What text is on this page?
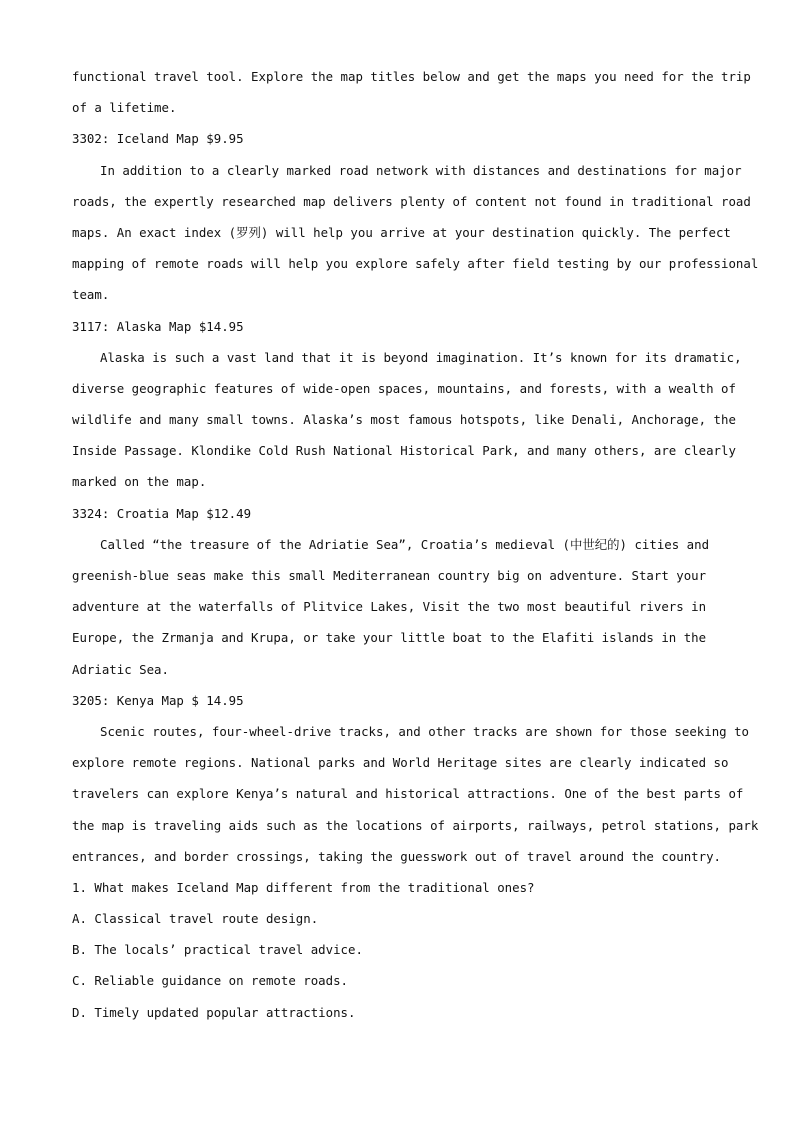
functional travel tool. Explore the map titles below and get the maps you need for the trip
of a lifetime.
3302: Iceland Map $9.95
In addition to a clearly marked road network with distances and destinations for major
roads, the expertly researched map delivers plenty of content not found in traditional road
maps. An exact index (罗列) will help you arrive at your destination quickly. The perfect
mapping of remote roads will help you explore safely after field testing by our professional
team.
3117: Alaska Map $14.95
Alaska is such a vast land that it is beyond imagination. It’s known for its dramatic,
diverse geographic features of wide-open spaces, mountains, and forests, with a wealth of
wildlife and many small towns. Alaska’s most famous hotspots, like Denali, Anchorage, the
Inside Passage. Klondike Cold Rush National Historical Park, and many others, are clearly
marked on the map.
3324: Croatia Map $12.49
Called “the treasure of the Adriatie Sea”, Croatia’s medieval (中世纪的) cities and
greenish-blue seas make this small Mediterranean country big on adventure. Start your
adventure at the waterfalls of Plitvice Lakes, Visit the two most beautiful rivers in
Europe, the Zrmanja and Krupa, or take your little boat to the Elafiti islands in the
Adriatic Sea.
3205: Kenya Map $ 14.95
Scenic routes, four-wheel-drive tracks, and other tracks are shown for those seeking to
explore remote regions. National parks and World Heritage sites are clearly indicated so
travelers can explore Kenya’s natural and historical attractions. One of the best parts of
the map is traveling aids such as the locations of airports, railways, petrol stations, park
entrances, and border crossings, taking the guesswork out of travel around the country.
1. What makes Iceland Map different from the traditional ones?
A. Classical travel route design.
B. The locals’ practical travel advice.
C. Reliable guidance on remote roads.
D. Timely updated popular attractions.
